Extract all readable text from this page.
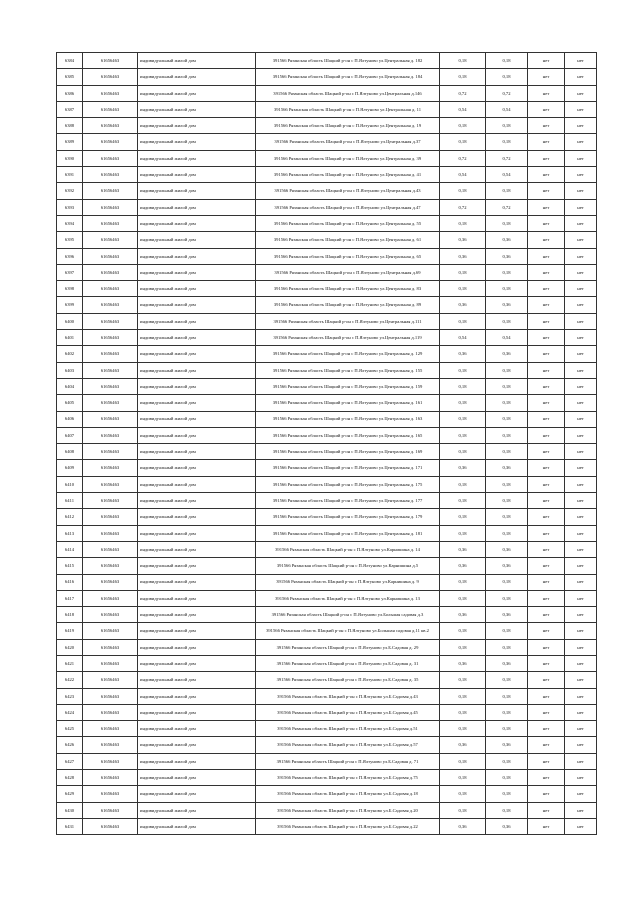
6384	61656463	индивидуальный жилой дом	391566 Рязанская область Шацкий р-он с П.Ялтуново ул.Центральная д. 182	0,18	0,18	нет	нет
6385	61656463	индивидуальный жилой дом	391566 Рязанская область Шацкий р-он с П.Ялтуново ул.Центральная д. 184	0,18	0,18	нет	нет
6386	61656463	индивидуальный жилой дом	391566 Рязанская область Шацкий р-он с П.Ялтуново ул.Центральная д.146	0,72	0,72	нет	нет
6387	61656463	индивидуальный жилой дом	391566 Рязанская область Шацкий р-он с П.Ялтуново ул.Центральная д. 11	0,54	0,54	нет	нет
6388	61656463	индивидуальный жилой дом	391566 Рязанская область Шацкий р-он с П.Ялтуново ул.Центральная д. 19	0,18	0,18	нет	нет
6389	61656463	индивидуальный жилой дом	391566 Рязанская область Шацкий р-он с П.Ялтуново ул.Центральная д.37	0,18	0,18	нет	нет
6390	61656463	индивидуальный жилой дом	391566 Рязанская область Шацкий р-он с П.Ялтуново ул.Центральная д. 39	0,72	0,72	нет	нет
6391	61656463	индивидуальный жилой дом	391566 Рязанская область Шацкий р-он с П.Ялтуново ул.Центральная д. 41	0,54	0,54	нет	нет
6392	61656463	индивидуальный жилой дом	391566 Рязанская область Шацкий р-он с П.Ялтуново ул.Центральная д.43	0,18	0,18	нет	нет
6393	61656463	индивидуальный жилой дом	391566 Рязанская область Шацкий р-он с П.Ялтуново ул.Центральная д.47	0,72	0,72	нет	нет
6394	61656463	индивидуальный жилой дом	391566 Рязанская область Шацкий р-он с П.Ялтуново ул.Центральная д. 55	0,18	0,18	нет	нет
6395	61656463	индивидуальный жилой дом	391566 Рязанская область Шацкий р-он с П.Ялтуново ул.Центральная д. 61	0,36	0,36	нет	нет
6396	61656463	индивидуальный жилой дом	391566 Рязанская область Шацкий р-он с П.Ялтуново ул.Центральная д. 65	0,36	0,36	нет	нет
6397	61656463	индивидуальный жилой дом	391566 Рязанская область Шацкий р-он с П.Ялтуново ул.Центральная д.69	0,18	0,18	нет	нет
6398	61656463	индивидуальный жилой дом	391566 Рязанская область Шацкий р-он с П.Ялтуново ул.Центральная д. 83	0,18	0,18	нет	нет
6399	61656463	индивидуальный жилой дом	391566 Рязанская область Шацкий р-он с П.Ялтуново ул.Центральная д. 89	0,36	0,36	нет	нет
6400	61656463	индивидуальный жилой дом	391566 Рязанская область Шацкий р-он с П.Ялтуново ул.Центральная д.111	0,18	0,18	нет	нет
6401	61656463	индивидуальный жилой дом	391566 Рязанская область Шацкий р-он с П.Ялтуново ул.Центральная д.119	0,54	0,54	нет	нет
6402	61656463	индивидуальный жилой дом	391566 Рязанская область Шацкий р-он с П.Ялтуново ул.Центральная д. 129	0,36	0,36	нет	нет
6403	61656463	индивидуальный жилой дом	391566 Рязанская область Шацкий р-он с П.Ялтуново ул.Центральная д. 155	0,18	0,18	нет	нет
6404	61656463	индивидуальный жилой дом	391566 Рязанская область Шацкий р-он с П.Ялтуново ул.Центральная д. 159	0,18	0,18	нет	нет
6405	61656463	индивидуальный жилой дом	391566 Рязанская область Шацкий р-он с П.Ялтуново ул.Центральная д. 161	0,18	0,18	нет	нет
6406	61656463	индивидуальный жилой дом	391566 Рязанская область Шацкий р-он с П.Ялтуново ул.Центральная д. 163	0,18	0,18	нет	нет
6407	61656463	индивидуальный жилой дом	391566 Рязанская область Шацкий р-он с П.Ялтуново ул.Центральная д. 165	0,18	0,18	нет	нет
6408	61656463	индивидуальный жилой дом	391566 Рязанская область Шацкий р-он с П.Ялтуново ул.Центральная д. 169	0,18	0,18	нет	нет
6409	61656463	индивидуальный жилой дом	391566 Рязанская область Шацкий р-он с П.Ялтуново ул.Центральная д. 171	0,36	0,36	нет	нет
6410	61656463	индивидуальный жилой дом	391566 Рязанская область Шацкий р-он с П.Ялтуново ул.Центральная д. 175	0,18	0,18	нет	нет
6411	61656463	индивидуальный жилой дом	391566 Рязанская область Шацкий р-он с П.Ялтуново ул.Центральная д. 177	0,18	0,18	нет	нет
6412	61656463	индивидуальный жилой дом	391566 Рязанская область Шацкий р-он с П.Ялтуново ул.Центральная д. 179	0,18	0,18	нет	нет
6413	61656463	индивидуальный жилой дом	391566 Рязанская область Шацкий р-он с П.Ялтуново ул.Центральная д. 181	0,18	0,18	нет	нет
6414	61656463	индивидуальный жилой дом	391566 Рязанская область Шацкий р-он с П.Ялтуново ул.Карнишина д. 14	0,36	0,36	нет	нет
6415	61656463	индивидуальный жилой дом	391566 Рязанская область Шацкий р-он с П.Ялтуново ул.Карнишина д.5	0,36	0,36	нет	нет
6416	61656463	индивидуальный жилой дом	391566 Рязанская область Шацкий р-он с П.Ялтуново ул.Карнишина д. 9	0,18	0,18	нет	нет
6417	61656463	индивидуальный жилой дом	391566 Рязанская область Шацкий р-он с П.Ялтуново ул.Карнишина д. 13	0,18	0,18	нет	нет
6418	61656463	индивидуальный жилой дом	391566 Рязанская область Шацкий р-он с П.Ялтуново ул.Большая садовая д.3	0,36	0,36	нет	нет
6419	61656463	индивидуальный жилой дом	391566 Рязанская область Шацкий р-он с П.Ялтуново ул.Большая садовая д.11 кв.2	0,18	0,18	нет	нет
6420	61656463	индивидуальный жилой дом	391566 Рязанская область Шацкий р-он с П.Ялтуново ул.Б.Садовая д. 29	0,18	0,18	нет	нет
6421	61656463	индивидуальный жилой дом	391566 Рязанская область Шацкий р-он с П.Ялтуново ул.Б.Садовая д. 31	0,36	0,36	нет	нет
6422	61656463	индивидуальный жилой дом	391566 Рязанская область Шацкий р-он с П.Ялтуново ул.Б.Садовая д. 35	0,18	0,18	нет	нет
6423	61656463	индивидуальный жилой дом	391566 Рязанская область Шацкий р-он с П.Ялтуново ул.Б.Садовая д.43	0,18	0,18	нет	нет
6424	61656463	индивидуальный жилой дом	391566 Рязанская область Шацкий р-он с П.Ялтуново ул.Б.Садовая д.45	0,18	0,18	нет	нет
6425	61656463	индивидуальный жилой дом	391566 Рязанская область Шацкий р-он с П.Ялтуново ул.Б.Садовая д.51	0,18	0,18	нет	нет
6426	61656463	индивидуальный жилой дом	391566 Рязанская область Шацкий р-он с П.Ялтуново ул.Б.Садовая д.57	0,36	0,36	нет	нет
6427	61656463	индивидуальный жилой дом	391566 Рязанская область Шацкий р-он с П.Ялтуново ул.Б.Садовая д. 71	0,18	0,18	нет	нет
6428	61656463	индивидуальный жилой дом	391566 Рязанская область Шацкий р-он с П.Ялтуново ул.Б.Садовая д.75	0,18	0,18	нет	нет
6429	61656463	индивидуальный жилой дом	391566 Рязанская область Шацкий р-он с П.Ялтуново ул.Б.Садовая д.18	0,18	0,18	нет	нет
6430	61656463	индивидуальный жилой дом	391566 Рязанская область Шацкий р-он с П.Ялтуново ул.Б.Садовая д.20	0,18	0,18	нет	нет
6431	61656463	индивидуальный жилой дом	391566 Рязанская область Шацкий р-он с П.Ялтуново ул.Б.Садовая д.22	0,36	0,36	нет	нет
